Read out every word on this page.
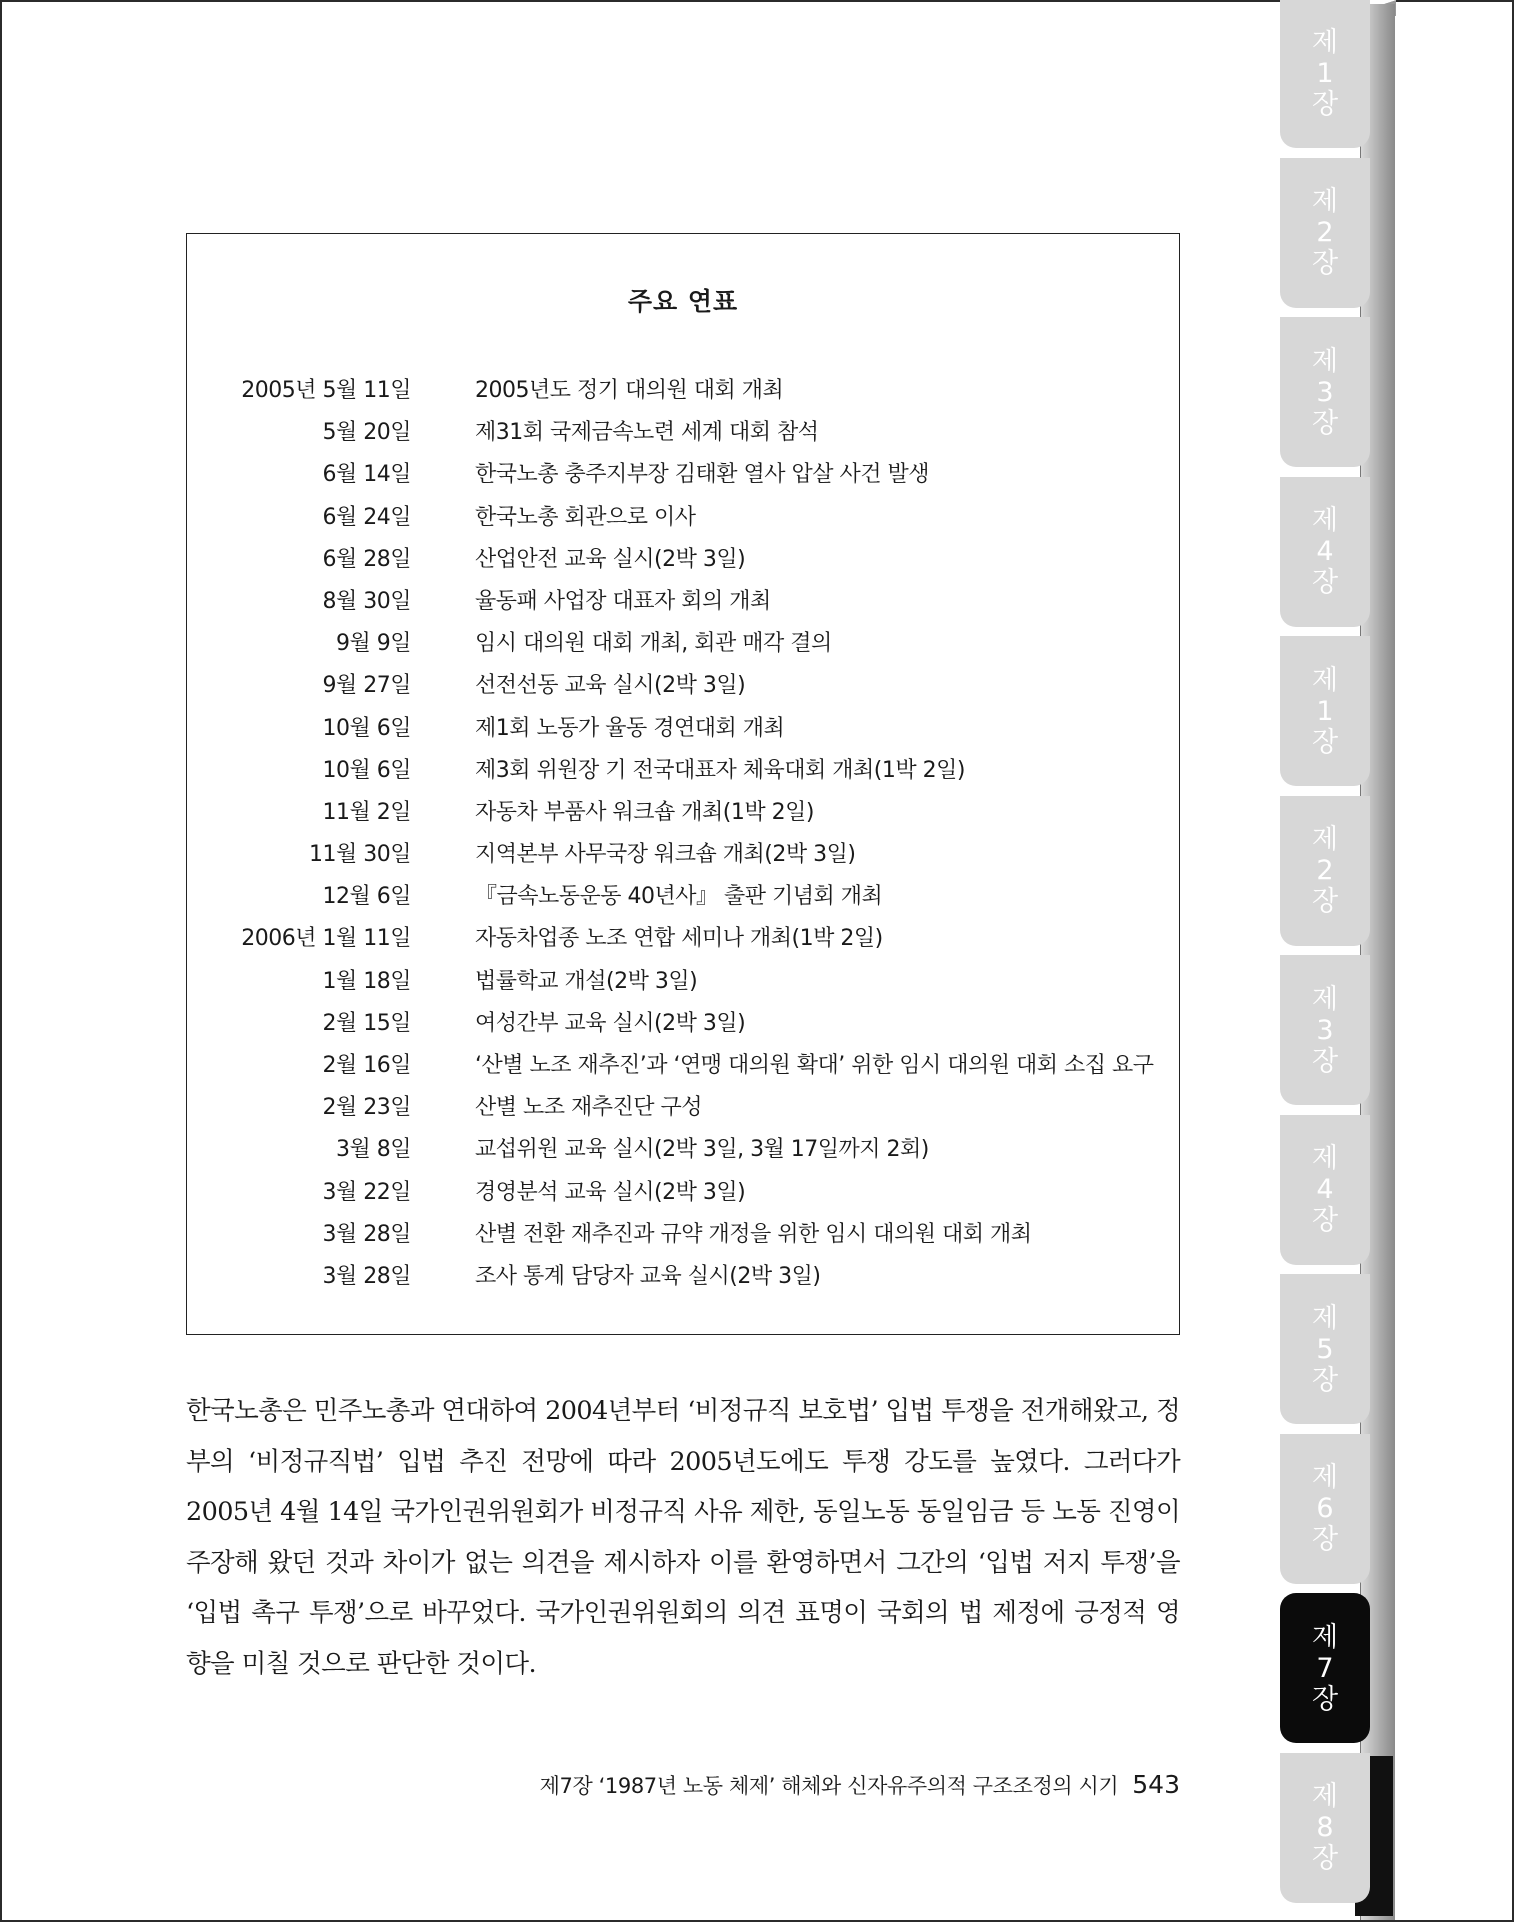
제
1
장
제
2
장
제
3
장
제
4
장
제
1
장
제
2
장
제
3
장
제
4
장
제
5
장
제
6
장
제
7
장
제
8
장
주요 연표
2005년 5월 11일	2005년도 정기 대의원 대회 개최
5월 20일	제31회 국제금속노련 세계 대회 참석
6월 14일	한국노총 충주지부장 김태환 열사 압살 사건 발생
6월 24일	한국노총 회관으로 이사
6월 28일	산업안전 교육 실시(2박 3일)
8월 30일	율동패 사업장 대표자 회의 개최
9월 9일	임시 대의원 대회 개최, 회관 매각 결의
9월 27일	선전선동 교육 실시(2박 3일)
10월 6일	제1회 노동가 율동 경연대회 개최
10월 6일	제3회 위원장 기 전국대표자 체육대회 개최(1박 2일)
11월 2일	자동차 부품사 워크숍 개최(1박 2일)
11월 30일	지역본부 사무국장 워크숍 개최(2박 3일)
12월 6일	『금속노동운동 40년사』 출판 기념회 개최
2006년 1월 11일	자동차업종 노조 연합 세미나 개최(1박 2일)
1월 18일	법률학교 개설(2박 3일)
2월 15일	여성간부 교육 실시(2박 3일)
2월 16일	‘산별 노조 재추진’과 ‘연맹 대의원 확대’ 위한 임시 대의원 대회 소집 요구
2월 23일	산별 노조 재추진단 구성
3월 8일	교섭위원 교육 실시(2박 3일, 3월 17일까지 2회)
3월 22일	경영분석 교육 실시(2박 3일)
3월 28일	산별 전환 재추진과 규약 개정을 위한 임시 대의원 대회 개최
3월 28일	조사 통계 담당자 교육 실시(2박 3일)

한국노총은 민주노총과 연대하여 2004년부터 ‘비정규직 보호법’ 입법 투쟁을 전개해왔고, 정부의 ‘비정규직법’ 입법 추진 전망에 따라 2005년도에도 투쟁 강도를 높였다. 그러다가 2005년 4월 14일 국가인권위원회가 비정규직 사유 제한, 동일노동 동일임금 등 노동 진영이 주장해 왔던 것과 차이가 없는 의견을 제시하자 이를 환영하면서 그간의 ‘입법 저지 투쟁’을 ‘입법 촉구 투쟁’으로 바꾸었다. 국가인권위원회의 의견 표명이 국회의 법 제정에 긍정적 영향을 미칠 것으로 판단한 것이다.

제7장 ‘1987년 노동 체제’ 해체와 신자유주의적 구조조정의 시기 543
